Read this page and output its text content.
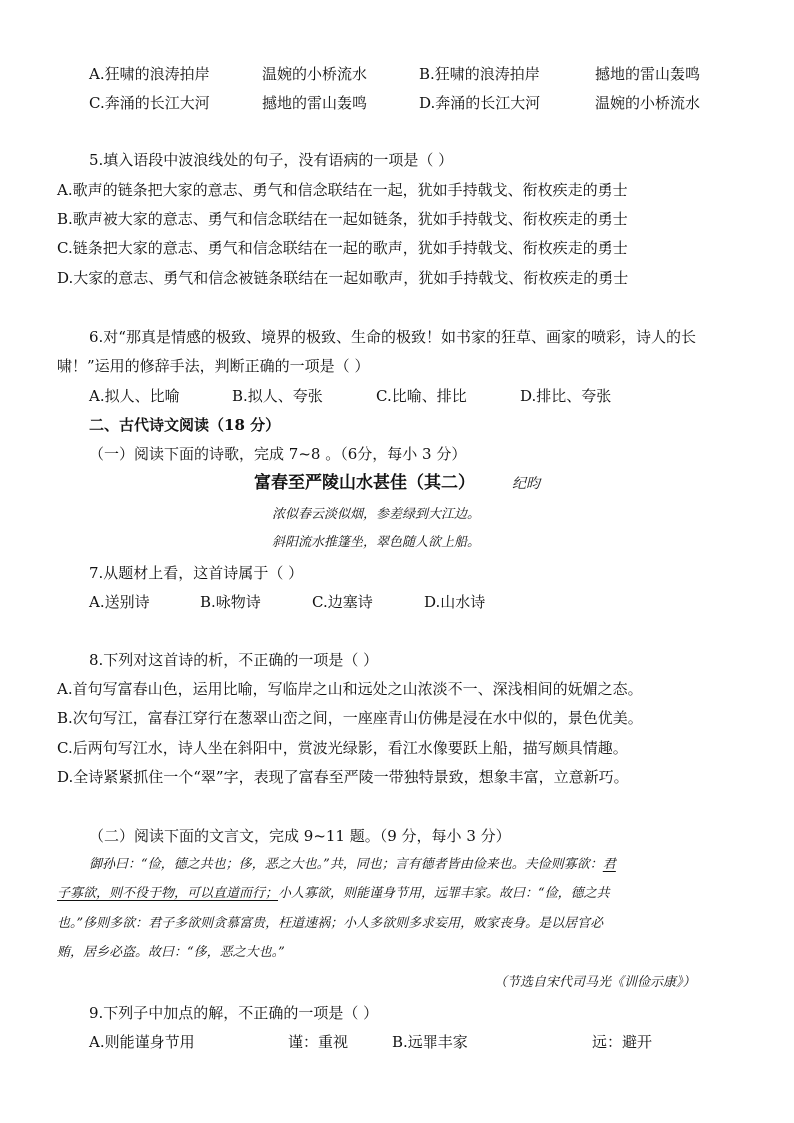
A.狂啸的浪涛拍岸	温婉的小桥流水	B.狂啸的浪涛拍岸	撼地的雷山轰鸣
C.奔涌的长江大河	撼地的雷山轰鸣	D.奔涌的长江大河	温婉的小桥流水
5.填入语段中波浪线处的句子，没有语病的一项是（ ）
A.歌声的链条把大家的意志、勇气和信念联结在一起，犹如手持戟戈、衔枚疾走的勇士
B.歌声被大家的意志、勇气和信念联结在一起如链条，犹如手持戟戈、衔枚疾走的勇士
C.链条把大家的意志、勇气和信念联结在一起的歌声，犹如手持戟戈、衔枚疾走的勇士
D.大家的意志、勇气和信念被链条联结在一起如歌声，犹如手持戟戈、衔枚疾走的勇士
6.对“那真是情感的极致、境界的极致、生命的极致！如书家的狂草、画家的喷彩，诗人的长
啸！”运用的修辞手法，判断正确的一项是（ ）
A.拟人、比喻	B.拟人、夸张	C.比喻、排比	D.排比、夸张
二、古代诗文阅读（18 分）
（一）阅读下面的诗歌，完成 7~8 。（6分，每小 3 分）
富春至严陵山水甚佳（其二）	纪昀
浓似春云淡似烟，参差绿到大江边。
斜阳流水推篷坐，翠色随人欲上船。
7.从题材上看，这首诗属于（ ）
A.送别诗	B.咏物诗	C.边塞诗	D.山水诗
8.下列对这首诗的析，不正确的一项是（ ）
A.首句写富春山色，运用比喻，写临岸之山和远处之山浓淡不一、深浅相间的妩媚之态。
B.次句写江，富春江穿行在葱翠山峦之间，一座座青山仿佛是浸在水中似的，景色优美。
C.后两句写江水，诗人坐在斜阳中，赏波光绿影，看江水像要跃上船，描写颇具情趣。
D.全诗紧紧抓住一个“翠”字，表现了富春至严陵一带独特景致，想象丰富，立意新巧。
（二）阅读下面的文言文，完成 9~11 题。（9 分，每小 3 分）
御孙曰：“俭，德之共也；侈，恶之大也。”共，同也；言有德者皆由俭来也。夫俭则寡欲：君
子寡欲，则不役于物，可以直道而行；小人寡欲，则能谨身节用，远罪丰家。故曰：“俭，德之共
也。”侈则多欲：君子多欲则贪慕富贵，枉道速祸；小人多欲则多求妄用，败家丧身。是以居官必
贿，居乡必盗。故曰：“侈，恶之大也。”
（节选自宋代司马光《训俭示康》）
9.下列子中加点的解，不正确的一项是（ ）
A.则能谨身节用	谨：重视	B.远罪丰家	远：避开
